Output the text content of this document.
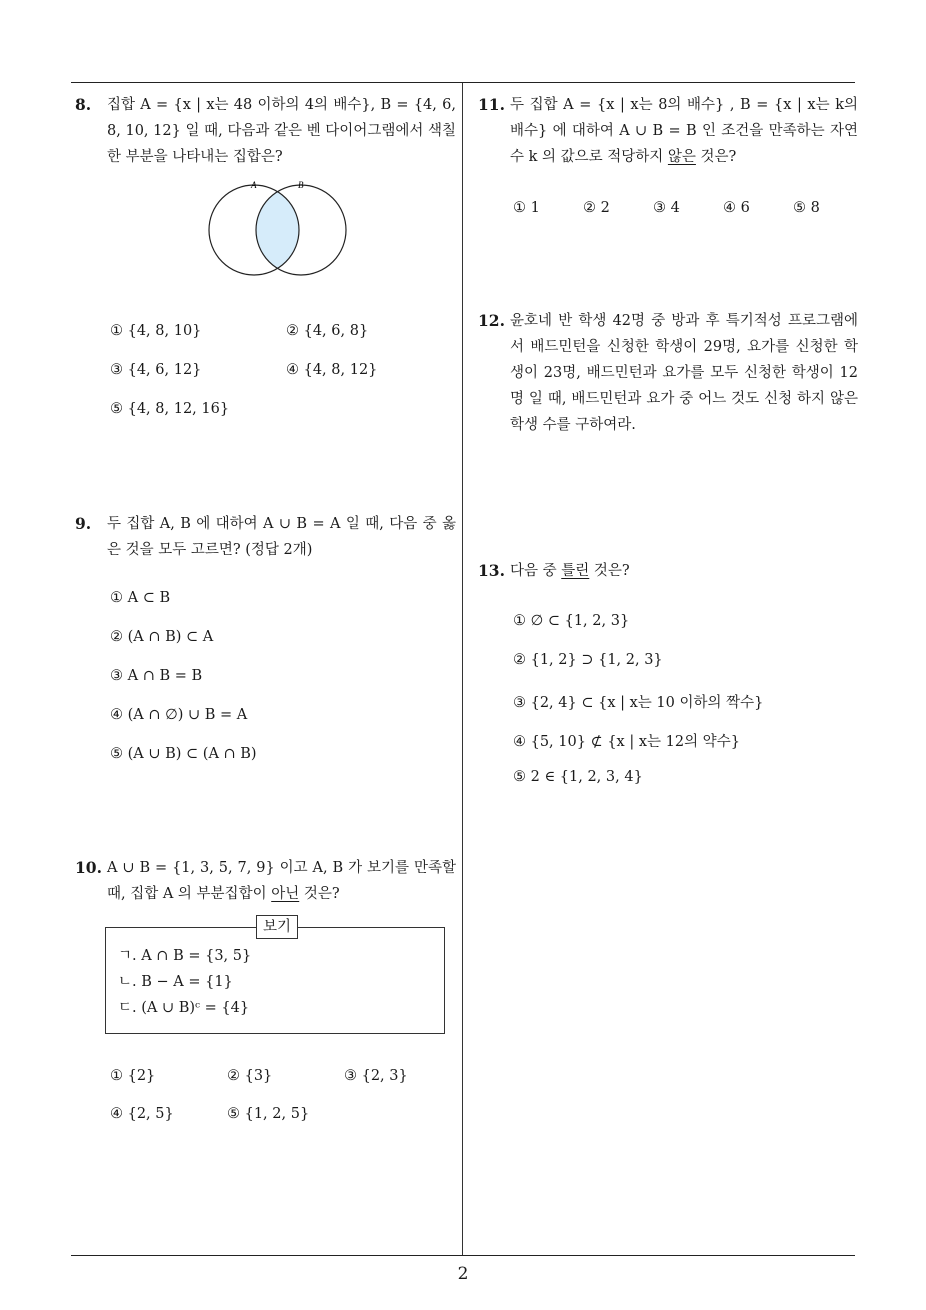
8.	집합 A = {x | x는 48 이하의 4의 배수}, B = {4, 6, 8, 10, 12} 일 때, 다음과 같은 벤 다이어그램에서 색칠한 부분을 나타내는 집합은?
A	B
① {4, 8, 10}	② {4, 6, 8}
③ {4, 6, 12}	④ {4, 8, 12}
⑤ {4, 8, 12, 16}
9.	두 집합 A, B 에 대하여 A ∪ B = A 일 때, 다음 중 옳은 것을 모두 고르면? (정답 2개)
① A ⊂ B
② (A ∩ B) ⊂ A
③ A ∩ B = B
④ (A ∩ ∅) ∪ B = A
⑤ (A ∪ B) ⊂ (A ∩ B)
10. A ∪ B = {1, 3, 5, 7, 9} 이고 A, B 가 보기를 만족할 때, 집합 A 의 부분집합이 아닌 것은?
보기
ㄱ. A ∩ B = {3, 5}
ㄴ. B − A = {1}
ㄷ. (A ∪ B)ᶜ = {4}
① {2}	② {3}	③ {2, 3}
④ {2, 5}	⑤ {1, 2, 5}
11. 두 집합 A = {x | x는 8의 배수} , B = {x | x는 k의 배수} 에 대하여 A ∪ B = B 인 조건을 만족하는 자연수 k 의 값으로 적당하지 않은 것은?
① 1	② 2	③ 4	④ 6	⑤ 8
12. 윤호네 반 학생 42명 중 방과 후 특기적성 프로그램에서 배드민턴을 신청한 학생이 29명, 요가를 신청한 학생이 23명, 배드민턴과 요가를 모두 신청한 학생이 12명 일 때, 배드민턴과 요가 중 어느 것도 신청 하지 않은 학생 수를 구하여라.
13. 다음 중 틀린 것은?
① ∅ ⊂ {1, 2, 3}
② {1, 2} ⊃ {1, 2, 3}
③ {2, 4} ⊂ {x | x는 10 이하의 짝수}
④ {5, 10} ⊄ {x | x는 12의 약수}
⑤ 2 ∈ {1, 2, 3, 4}
2
